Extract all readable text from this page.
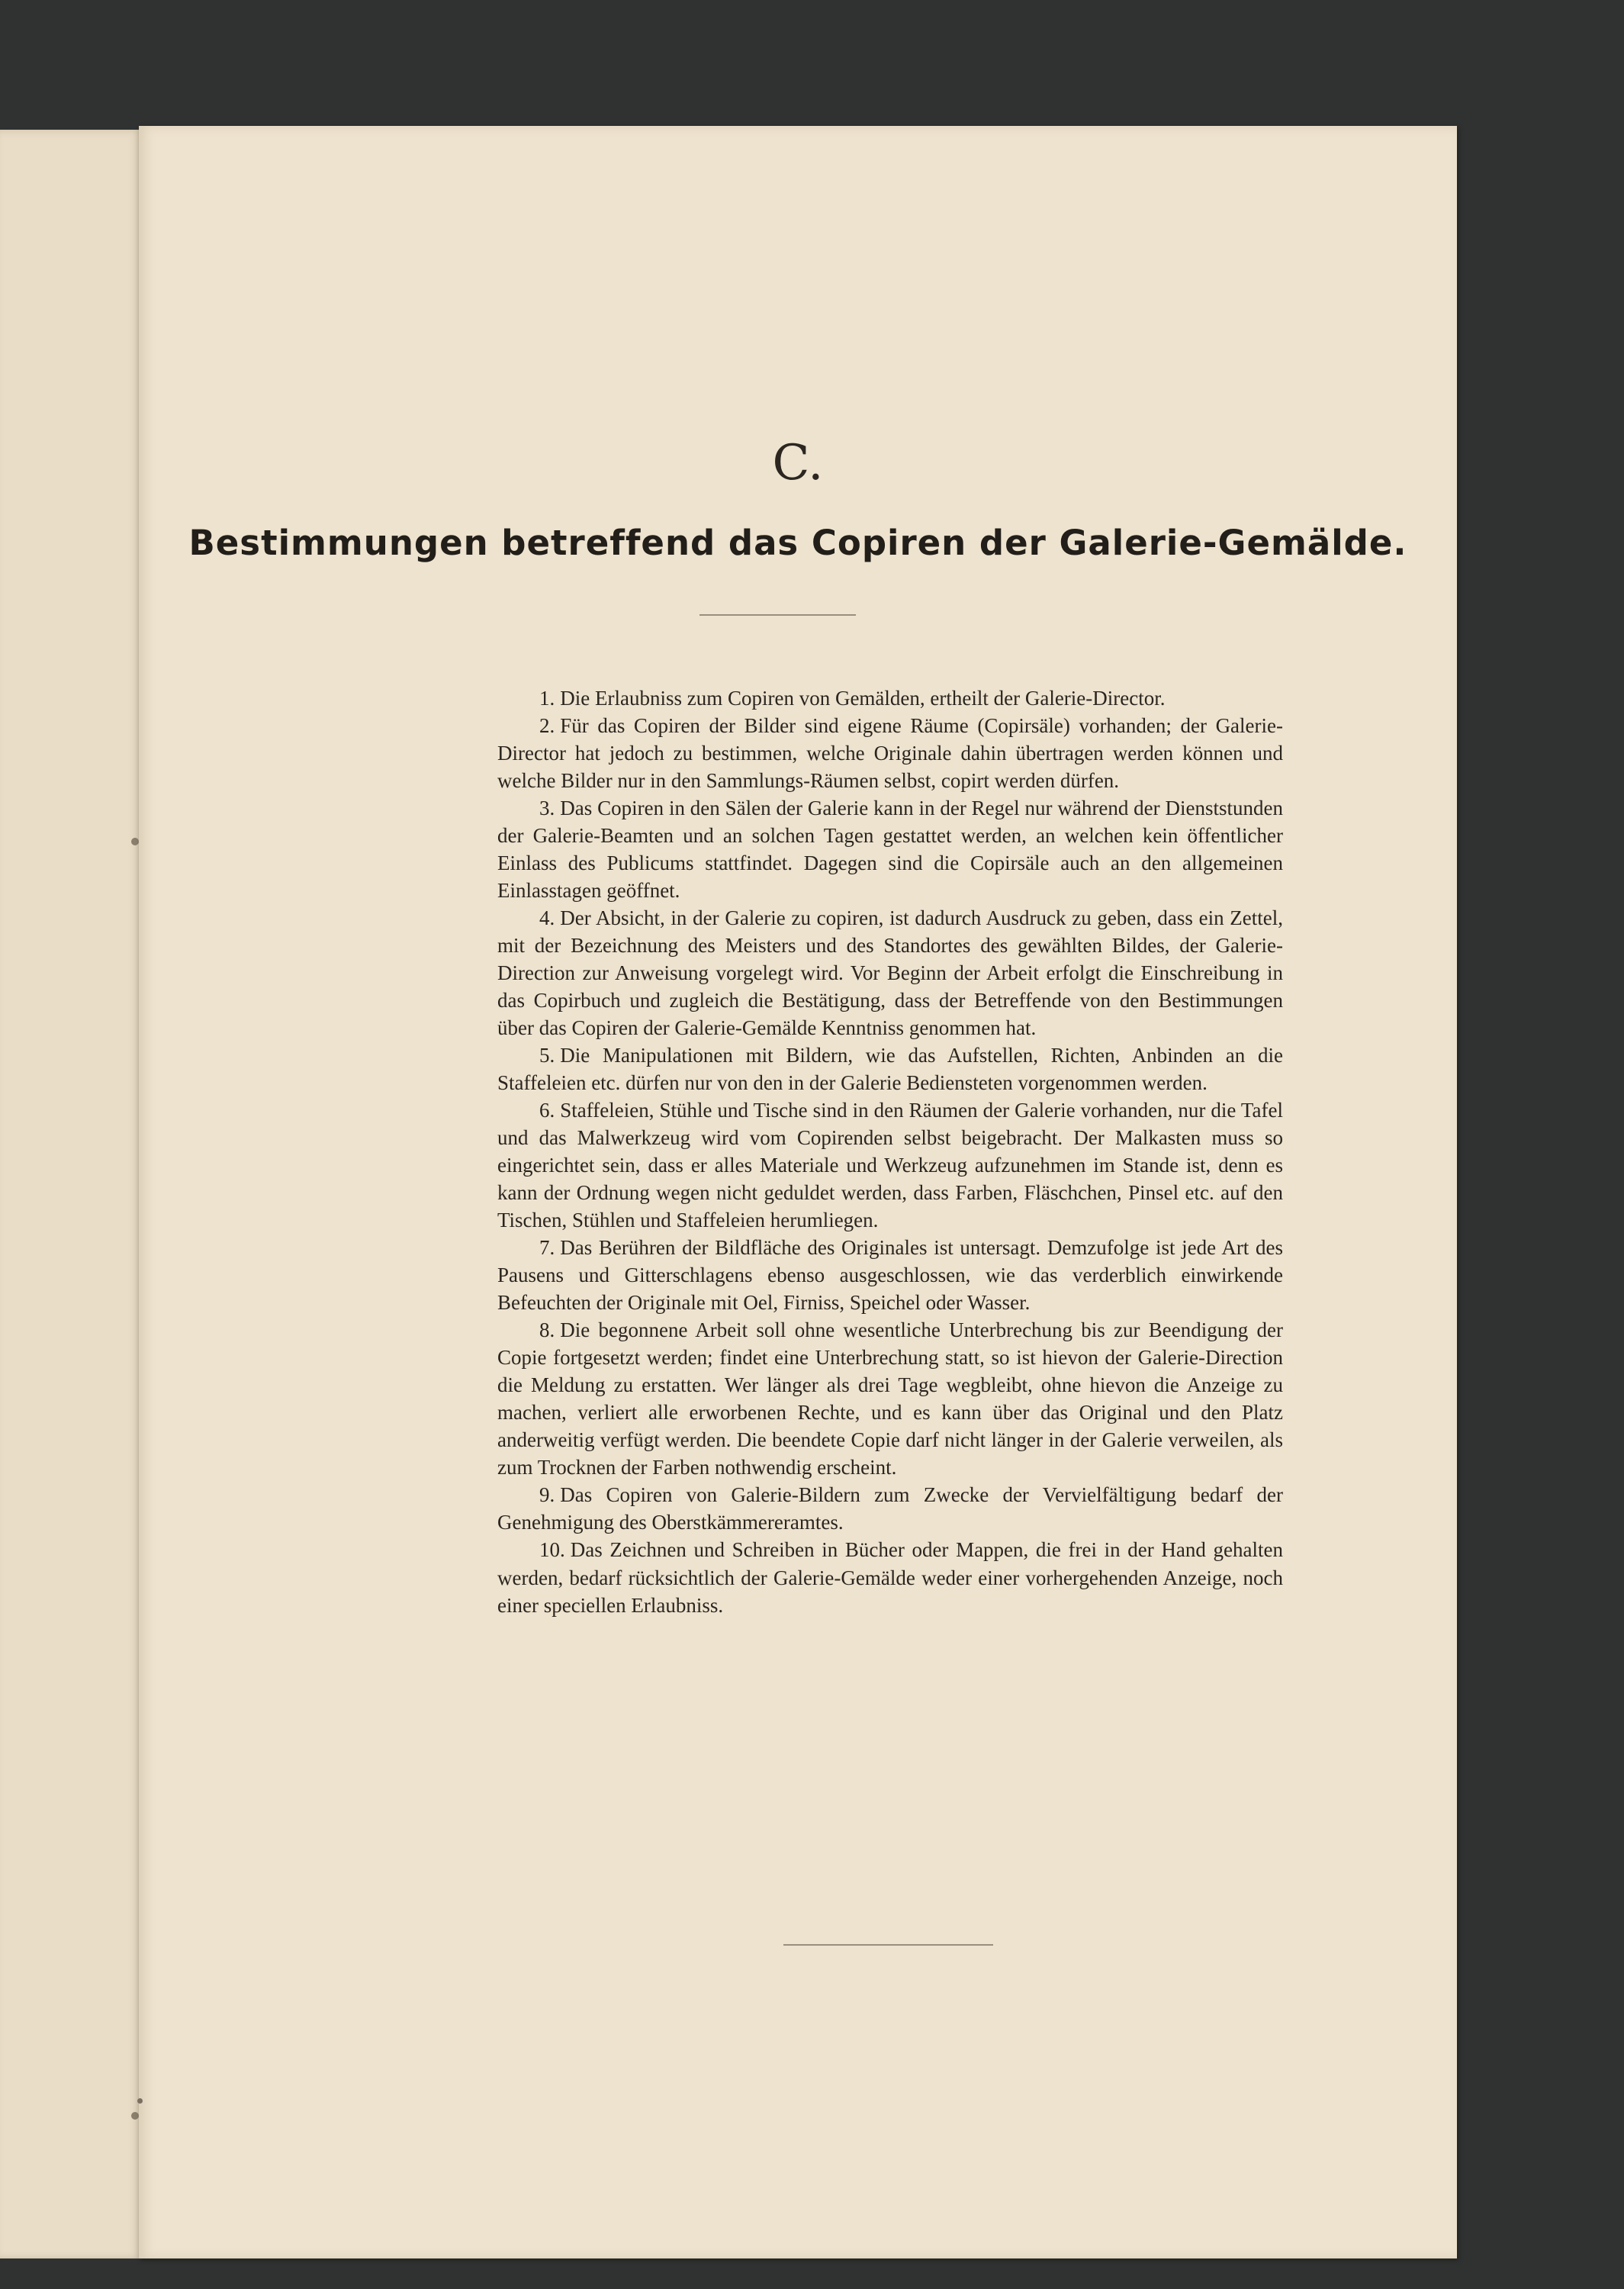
C.
Bestimmungen betreffend das Copiren der Galerie-Gemälde.
1. Die Erlaubniss zum Copiren von Gemälden, ertheilt der Galerie-Director.
2. Für das Copiren der Bilder sind eigene Räume (Copirsäle) vorhanden; der Galerie-Director hat jedoch zu bestimmen, welche Originale dahin übertragen werden können und welche Bilder nur in den Sammlungs-Räumen selbst, copirt werden dürfen.
3. Das Copiren in den Sälen der Galerie kann in der Regel nur während der Dienststunden der Galerie-Beamten und an solchen Tagen gestattet werden, an welchen kein öffentlicher Einlass des Publicums stattfindet. Dagegen sind die Copirsäle auch an den allgemeinen Einlasstagen geöffnet.
4. Der Absicht, in der Galerie zu copiren, ist dadurch Ausdruck zu geben, dass ein Zettel, mit der Bezeichnung des Meisters und des Standortes des gewählten Bildes, der Galerie-Direction zur Anweisung vorgelegt wird. Vor Beginn der Arbeit erfolgt die Einschreibung in das Copirbuch und zugleich die Bestätigung, dass der Betreffende von den Bestimmungen über das Copiren der Galerie-Gemälde Kenntniss genommen hat.
5. Die Manipulationen mit Bildern, wie das Aufstellen, Richten, Anbinden an die Staffeleien etc. dürfen nur von den in der Galerie Bediensteten vorgenommen werden.
6. Staffeleien, Stühle und Tische sind in den Räumen der Galerie vorhanden, nur die Tafel und das Malwerkzeug wird vom Copirenden selbst beigebracht. Der Malkasten muss so eingerichtet sein, dass er alles Materiale und Werkzeug aufzunehmen im Stande ist, denn es kann der Ordnung wegen nicht geduldet werden, dass Farben, Fläschchen, Pinsel etc. auf den Tischen, Stühlen und Staffeleien herumliegen.
7. Das Berühren der Bildfläche des Originales ist untersagt. Demzufolge ist jede Art des Pausens und Gitterschlagens ebenso ausgeschlossen, wie das verderblich einwirkende Befeuchten der Originale mit Oel, Firniss, Speichel oder Wasser.
8. Die begonnene Arbeit soll ohne wesentliche Unterbrechung bis zur Beendigung der Copie fortgesetzt werden; findet eine Unterbrechung statt, so ist hievon der Galerie-Direction die Meldung zu erstatten. Wer länger als drei Tage wegbleibt, ohne hievon die Anzeige zu machen, verliert alle erworbenen Rechte, und es kann über das Original und den Platz anderweitig verfügt werden. Die beendete Copie darf nicht länger in der Galerie verweilen, als zum Trocknen der Farben nothwendig erscheint.
9. Das Copiren von Galerie-Bildern zum Zwecke der Vervielfältigung bedarf der Genehmigung des Oberstkämmereramtes.
10. Das Zeichnen und Schreiben in Bücher oder Mappen, die frei in der Hand gehalten werden, bedarf rücksichtlich der Galerie-Gemälde weder einer vorhergehenden Anzeige, noch einer speciellen Erlaubniss.
